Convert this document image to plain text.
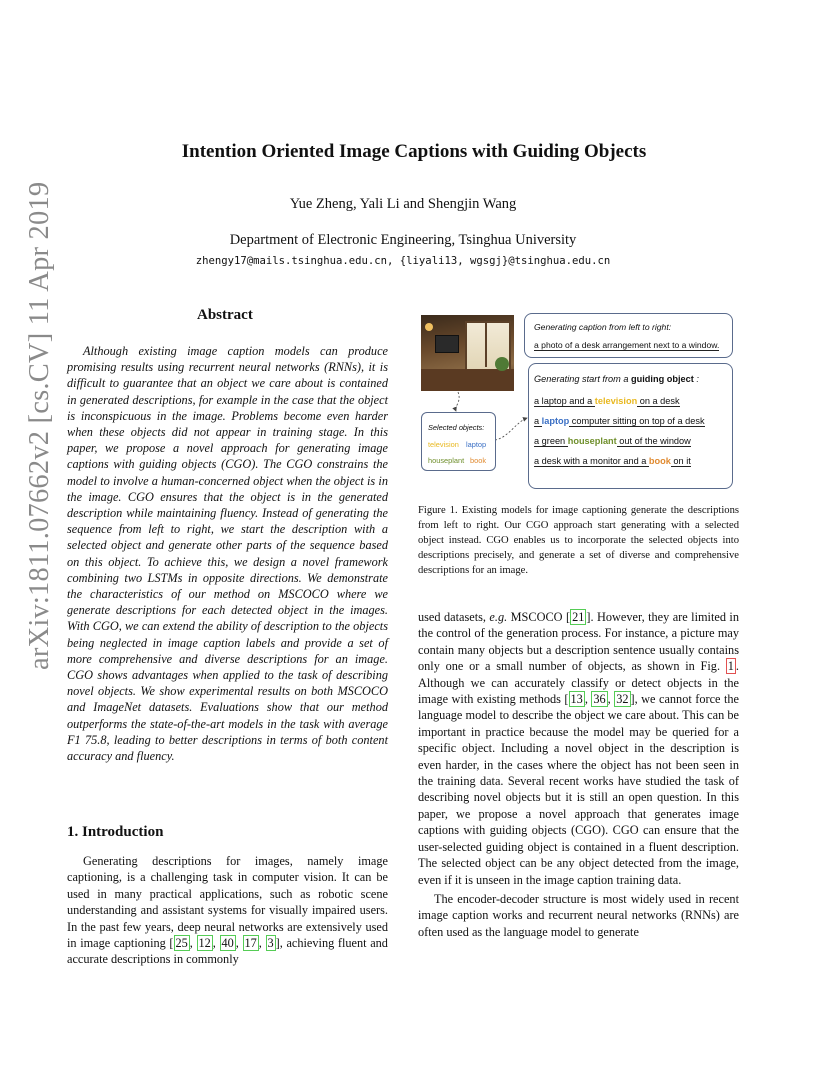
arXiv:1811.07662v2 [cs.CV] 11 Apr 2019
Intention Oriented Image Captions with Guiding Objects
Yue Zheng, Yali Li and Shengjin Wang
Department of Electronic Engineering, Tsinghua University
zhengy17@mails.tsinghua.edu.cn, {liyali13, wgsgj}@tsinghua.edu.cn
Abstract

Although existing image caption models can produce promising results using recurrent neural networks (RNNs), it is difficult to guarantee that an object we care about is contained in generated descriptions, for example in the case that the object is inconspicuous in the image. Problems become even harder when these objects did not appear in training stage. In this paper, we propose a novel approach for generating image captions with guiding objects (CGO). The CGO constrains the model to involve a human-concerned object when the object is in the image. CGO ensures that the object is in the generated description while maintaining fluency. Instead of generating the sequence from left to right, we start the description with a selected object and generate other parts of the sequence based on this object. To achieve this, we design a novel framework combining two LSTMs in opposite directions. We demonstrate the characteristics of our method on MSCOCO where we generate descriptions for each detected object in the images. With CGO, we can extend the ability of description to the objects being neglected in image caption labels and provide a set of more comprehensive and diverse descriptions for an image. CGO shows advantages when applied to the task of describing novel objects. We show experimental results on both MSCOCO and ImageNet datasets. Evaluations show that our method outperforms the state-of-the-art models in the task with average F1 75.8, leading to better descriptions in terms of both content accuracy and fluency.

1. Introduction

Generating descriptions for images, namely image captioning, is a challenging task in computer vision. It can be used in many practical applications, such as robotic scene understanding and assistant systems for visually impaired users. In the past few years, deep neural networks are extensively used in image captioning [ 25 , 12 , 40 , 17 , 3 ], achieving fluent and accurate descriptions in commonly

Generating caption from left to right:
a photo of a desk arrangement next to a window.
Generating start from a guiding object :
a laptop and a television on a desk
a laptop computer sitting on top of a desk
a green houseplant out of the window
a desk with a monitor and a book on it
Selected objects:
television laptop
houseplant book
Figure 1. Existing models for image captioning generate the descriptions from left to right. Our CGO approach start generating with a selected object instead. CGO enables us to incorporate the selected objects into descriptions precisely, and generate a set of diverse and comprehensive descriptions for an image.

used datasets, e.g. MSCOCO [ 21 ]. However, they are limited in the control of the generation process. For instance, a picture may contain many objects but a description sentence usually contains only one or a small number of objects, as shown in Fig. 1 . Although we can accurately classify or detect objects in the image with existing methods [ 13 , 36 , 32 ], we cannot force the language model to describe the object we care about. This can be important in practice because the model may be queried for a specific object. Including a novel object in the description is even harder, in the cases where the object has not been seen in the training data. Several recent works have studied the task of describing novel objects but it is still an open question. In this paper, we propose a novel approach that generates image captions with guiding objects (CGO). CGO can ensure that the user-selected guiding object is contained in a fluent description. The selected object can be any object detected from the image, even if it is unseen in the image caption training data.

The encoder-decoder structure is most widely used in recent image caption works and recurrent neural networks (RNNs) are often used as the language model to generate
